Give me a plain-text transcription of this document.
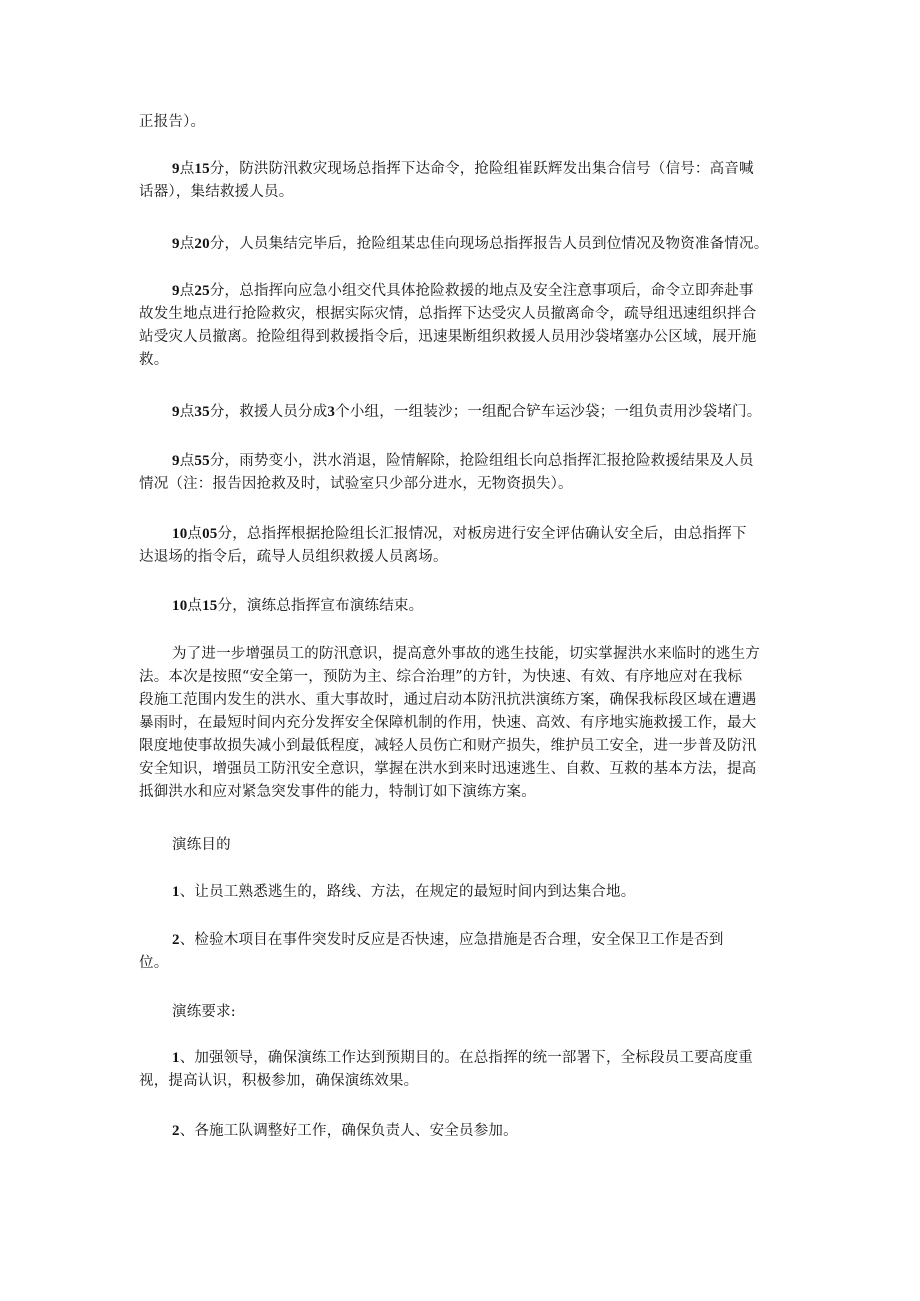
正报告）。

9点15分，防洪防汛救灾现场总指挥下达命令，抢险组崔跃辉发出集合信号（信号：高音喊
话器），集结救援人员。

9点20分，人员集结完毕后，抢险组某忠佳向现场总指挥报告人员到位情况及物资准备情况。

9点25分，总指挥向应急小组交代具体抢险救援的地点及安全注意事项后，命令立即奔赴事
故发生地点进行抢险救灾，根据实际灾情，总指挥下达受灾人员撤离命令，疏导组迅速组织拌合
站受灾人员撤离。抢险组得到救援指令后，迅速果断组织救援人员用沙袋堵塞办公区域，展开施
救。

9点35分，救援人员分成3个小组，一组装沙；一组配合铲车运沙袋；一组负责用沙袋堵门。

9点55分，雨势变小，洪水消退，险情解除，抢险组组长向总指挥汇报抢险救援结果及人员
情况（注：报告因抢救及时，试验室只少部分进水，无物资损失）。

10点05分，总指挥根据抢险组长汇报情况，对板房进行安全评估确认安全后，由总指挥下
达退场的指令后，疏导人员组织救援人员离场。

10点15分，演练总指挥宣布演练结束。

为了进一步增强员工的防汛意识，提高意外事故的逃生技能，切实掌握洪水来临时的逃生方
法。本次是按照“安全第一，预防为主、综合治理”的方针，为快速、有效、有序地应对在我标
段施工范围内发生的洪水、重大事故时，通过启动本防汛抗洪演练方案，确保我标段区域在遭遇
暴雨时，在最短时间内充分发挥安全保障机制的作用，快速、高效、有序地实施救援工作，最大
限度地使事故损失减小到最低程度，减轻人员伤亡和财产损失，维护员工安全，进一步普及防汛
安全知识，增强员工防汛安全意识，掌握在洪水到来时迅速逃生、自救、互救的基本方法，提高
抵御洪水和应对紧急突发事件的能力，特制订如下演练方案。

演练目的

1、让员工熟悉逃生的，路线、方法，在规定的最短时间内到达集合地。

2、检验木项目在事件突发时反应是否快速，应急措施是否合理，安全保卫工作是否到
位。

演练要求:

1、加强领导，确保演练工作达到预期目的。在总指挥的统一部署下，全标段员工要高度重
视，提高认识，积极参加，确保演练效果。

2、各施工队调整好工作，确保负责人、安全员参加。
